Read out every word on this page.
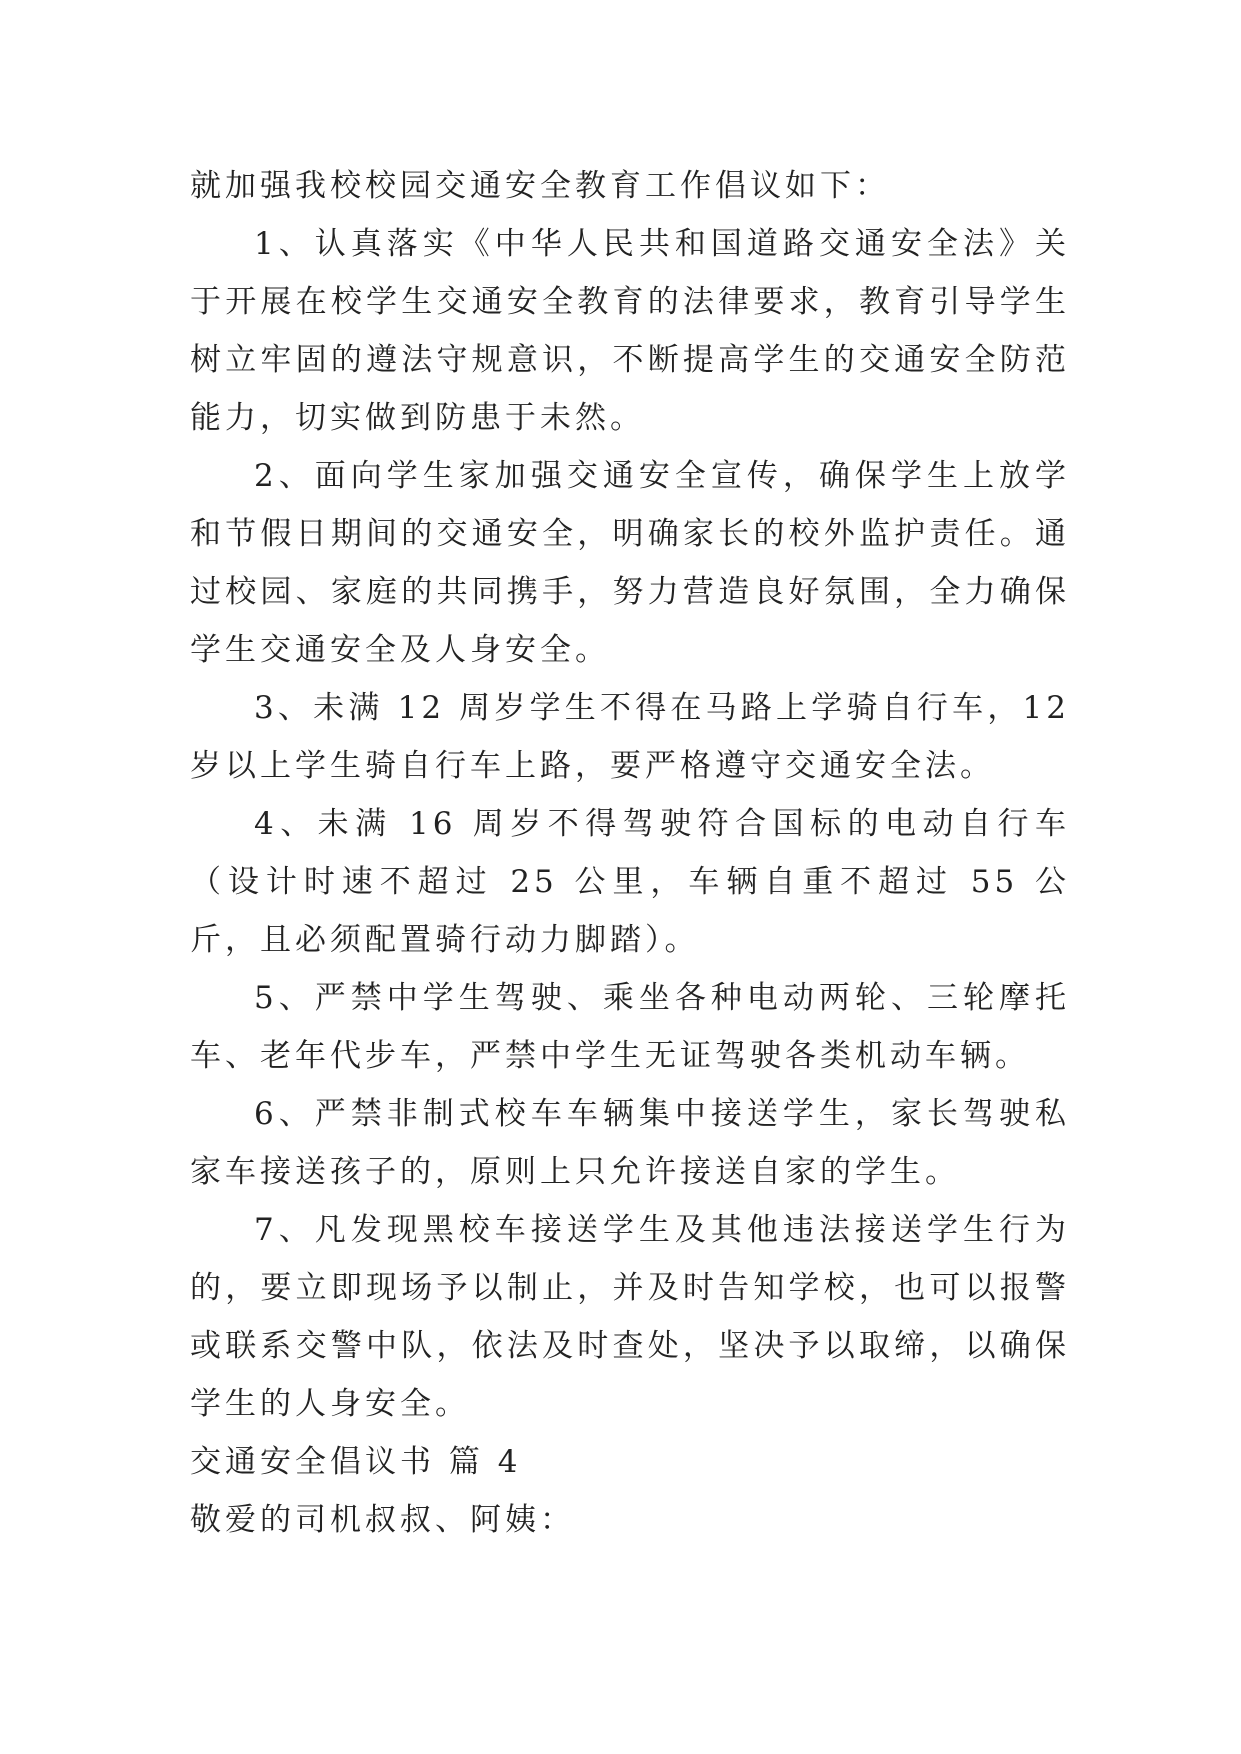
就加强我校校园交通安全教育工作倡议如下：

1、认真落实《中华人民共和国道路交通安全法》关于开展在校学生交通安全教育的法律要求，教育引导学生树立牢固的遵法守规意识，不断提高学生的交通安全防范能力，切实做到防患于未然。

2、面向学生家加强交通安全宣传，确保学生上放学和节假日期间的交通安全，明确家长的校外监护责任。通过校园、家庭的共同携手，努力营造良好氛围，全力确保学生交通安全及人身安全。

3、未满 12 周岁学生不得在马路上学骑自行车，12 岁以上学生骑自行车上路，要严格遵守交通安全法。

4、未满 16 周岁不得驾驶符合国标的电动自行车（设计时速不超过 25 公里，车辆自重不超过 55 公斤，且必须配置骑行动力脚踏）。

5、严禁中学生驾驶、乘坐各种电动两轮、三轮摩托车、老年代步车，严禁中学生无证驾驶各类机动车辆。

6、严禁非制式校车车辆集中接送学生，家长驾驶私家车接送孩子的，原则上只允许接送自家的学生。

7、凡发现黑校车接送学生及其他违法接送学生行为的，要立即现场予以制止，并及时告知学校，也可以报警或联系交警中队，依法及时查处，坚决予以取缔，以确保学生的人身安全。

交通安全倡议书 篇 4

敬爱的司机叔叔、阿姨：
